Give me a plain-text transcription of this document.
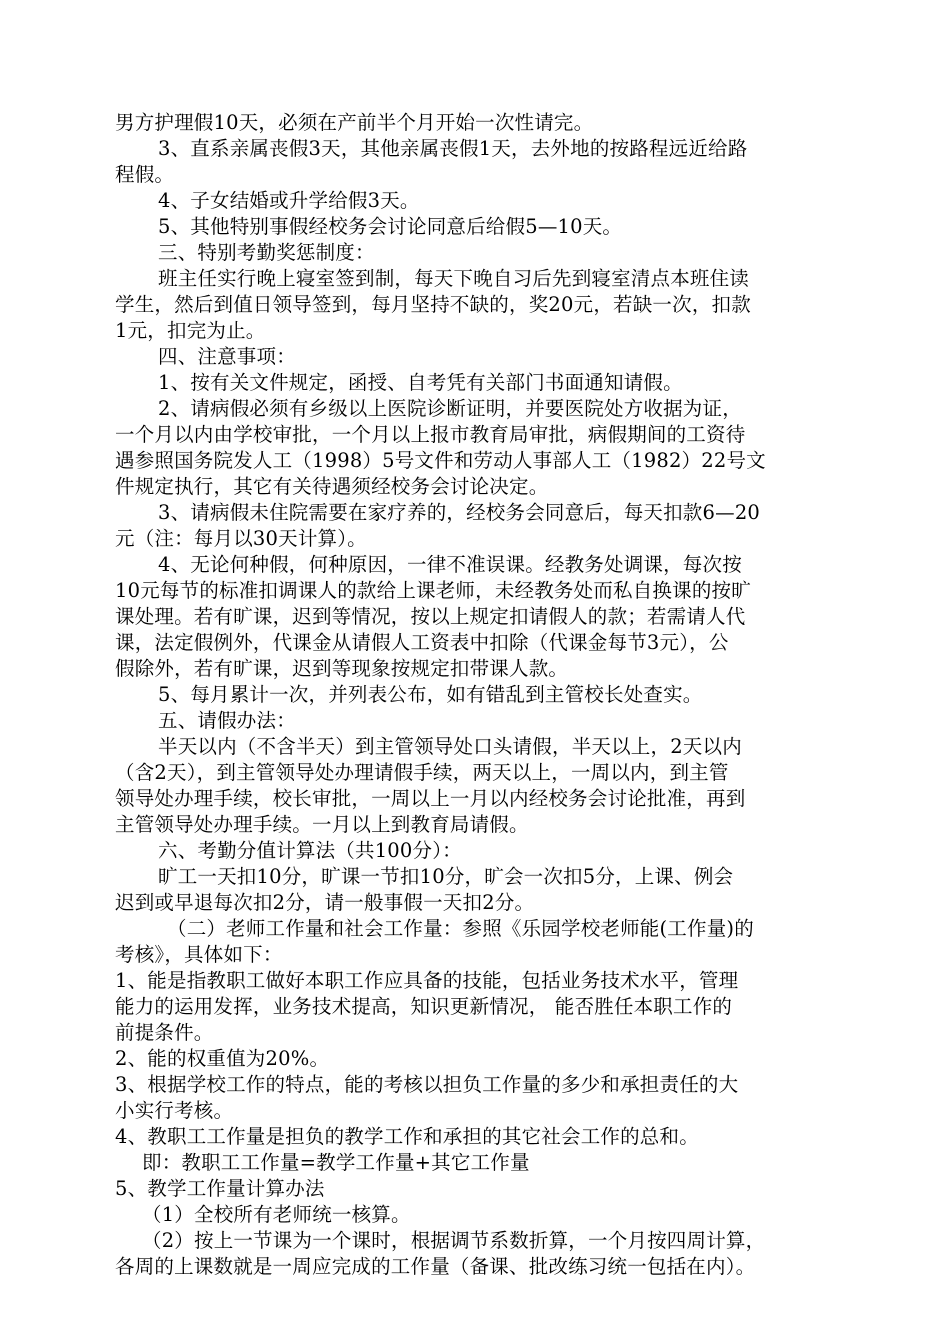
男方护理假10天，必须在产前半个月开始一次性请完。
3、直系亲属丧假3天，其他亲属丧假1天，去外地的按路程远近给路
程假。
4、子女结婚或升学给假3天。
5、其他特别事假经校务会讨论同意后给假5—10天。
三、特别考勤奖惩制度：
班主任实行晚上寝室签到制，每天下晚自习后先到寝室清点本班住读
学生，然后到值日领导签到，每月坚持不缺的，奖20元，若缺一次，扣款
1元，扣完为止。
四、注意事项：
1、按有关文件规定，函授、自考凭有关部门书面通知请假。
2、请病假必须有乡级以上医院诊断证明，并要医院处方收据为证，
一个月以内由学校审批，一个月以上报市教育局审批，病假期间的工资待
遇参照国务院发人工（1998）5号文件和劳动人事部人工（1982）22号文
件规定执行，其它有关待遇须经校务会讨论决定。
3、请病假未住院需要在家疗养的，经校务会同意后，每天扣款6—20
元（注：每月以30天计算）。
4、无论何种假，何种原因，一律不准误课。经教务处调课，每次按
10元每节的标准扣调课人的款给上课老师，未经教务处而私自换课的按旷
课处理。若有旷课，迟到等情况，按以上规定扣请假人的款；若需请人代
课，法定假例外，代课金从请假人工资表中扣除（代课金每节3元），公
假除外，若有旷课，迟到等现象按规定扣带课人款。
5、每月累计一次，并列表公布，如有错乱到主管校长处查实。
五、请假办法：
半天以内（不含半天）到主管领导处口头请假，半天以上，2天以内
（含2天），到主管领导处办理请假手续，两天以上，一周以内，到主管
领导处办理手续，校长审批，一周以上一月以内经校务会讨论批准，再到
主管领导处办理手续。一月以上到教育局请假。
六、考勤分值计算法（共100分）：
旷工一天扣10分，旷课一节扣10分，旷会一次扣5分，上课、例会
迟到或早退每次扣2分，请一般事假一天扣2分。
（二）老师工作量和社会工作量：参照《乐园学校老师能(工作量)的
考核》，具体如下：
1、能是指教职工做好本职工作应具备的技能，包括业务技术水平，管理
能力的运用发挥，业务技术提高，知识更新情况， 能否胜任本职工作的
前提条件。
2、能的权重值为20%。
3、根据学校工作的特点，能的考核以担负工作量的多少和承担责任的大
小实行考核。
4、教职工工作量是担负的教学工作和承担的其它社会工作的总和。
即：教职工工作量=教学工作量+其它工作量
5、教学工作量计算办法
（1）全校所有老师统一核算。
（2）按上一节课为一个课时，根据调节系数折算，一个月按四周计算，
各周的上课数就是一周应完成的工作量（备课、批改练习统一包括在内）。
